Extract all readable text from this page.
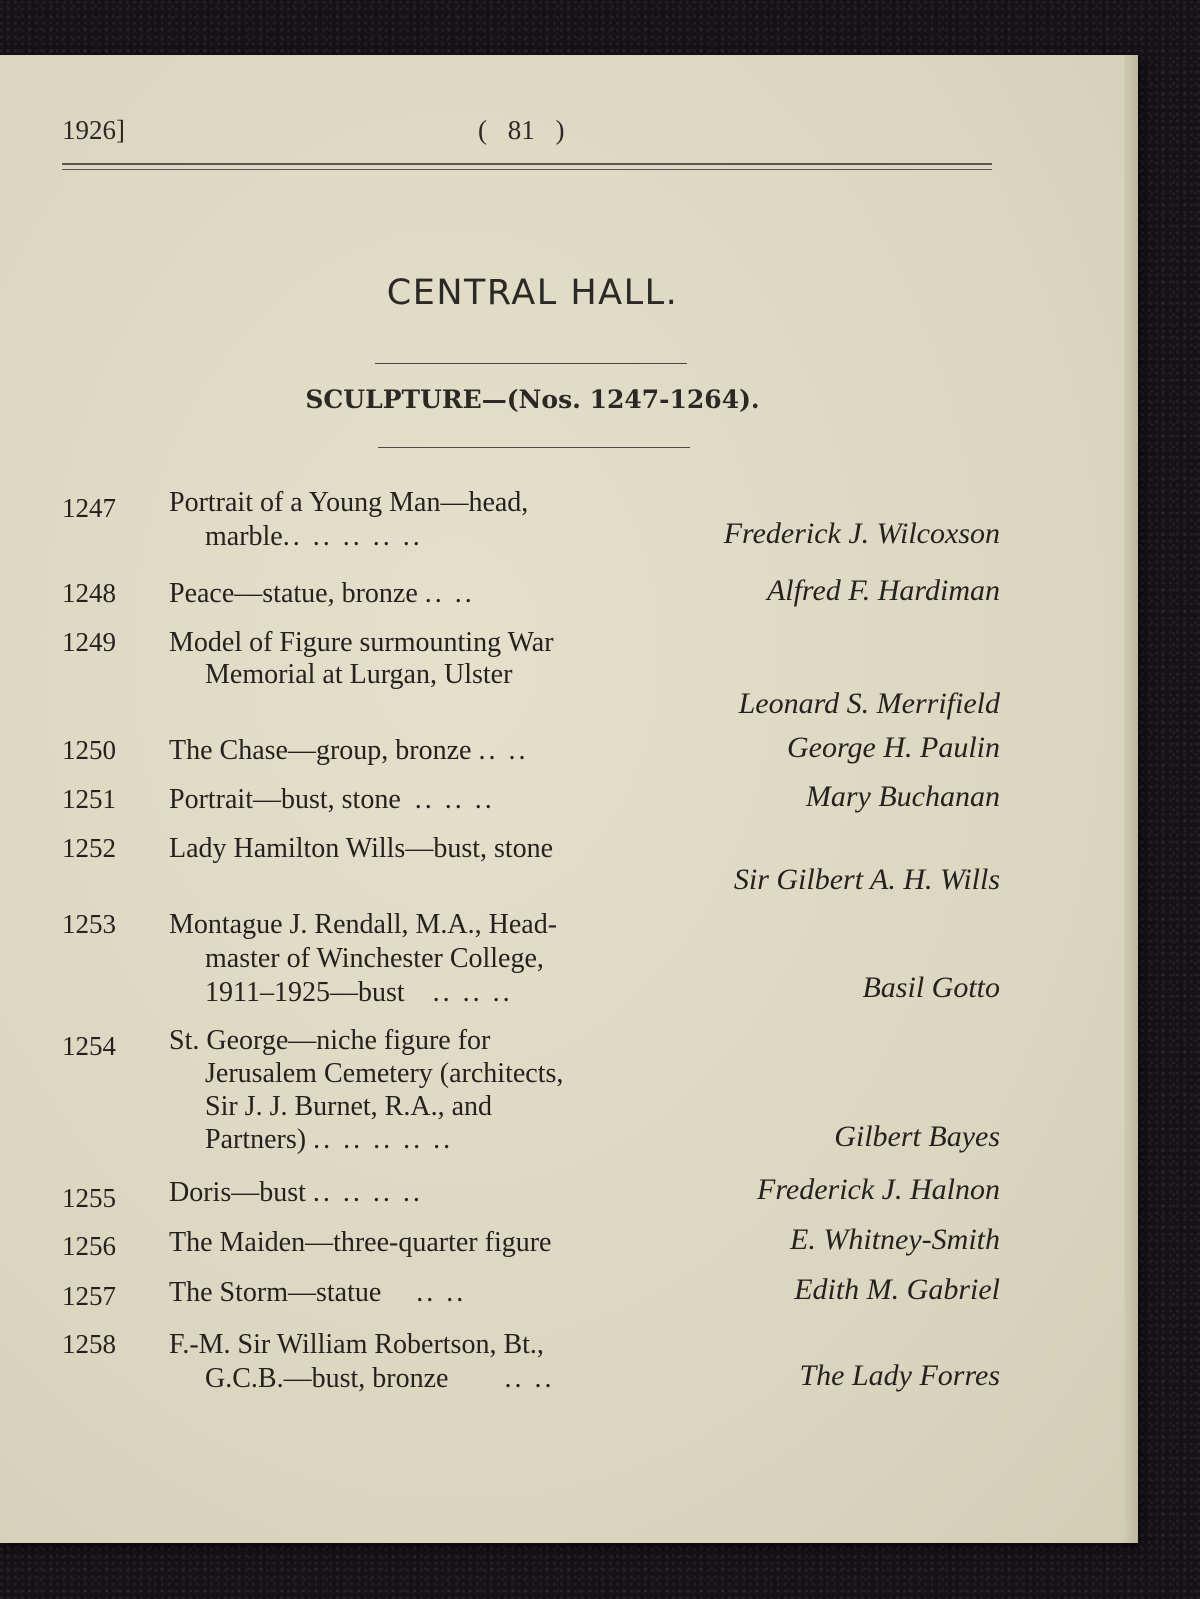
1926]	( 81 )
CENTRAL HALL.
SCULPTURE—(Nos. 1247-1264).
1247 Portrait of a Young Man—head,
marble.. .. .. .. ..	Frederick J. Wilcoxson
1248 Peace—statue, bronze .. ..	Alfred F. Hardiman
1249 Model of Figure surmounting War
Memorial at Lurgan, Ulster
Leonard S. Merrifield
1250 The Chase—group, bronze .. ..	George H. Paulin
1251 Portrait—bust, stone .. .. ..	Mary Buchanan
1252 Lady Hamilton Wills—bust, stone
Sir Gilbert A. H. Wills
1253 Montague J. Rendall, M.A., Head-
master of Winchester College,
1911–1925—bust .. .. ..	Basil Gotto
1254 St. George—niche figure for
Jerusalem Cemetery (architects,
Sir J. J. Burnet, R.A., and
Partners) .. .. .. .. ..	Gilbert Bayes
1255 Doris—bust .. .. .. ..	Frederick J. Halnon
1256 The Maiden—three-quarter figure	E. Whitney-Smith
1257 The Storm—statue .. ..	Edith M. Gabriel
1258 F.-M. Sir William Robertson, Bt.,
G.C.B.—bust, bronze .. ..	The Lady Forres
